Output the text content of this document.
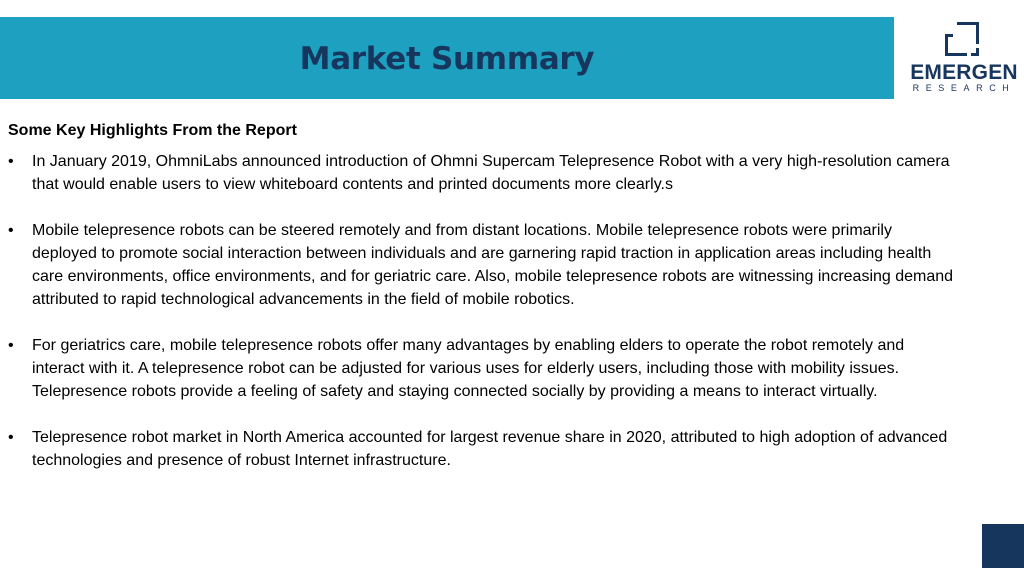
Market Summary	EMERGEN
RESEARCH
Some Key Highlights From the Report
•	In January 2019, OhmniLabs announced introduction of Ohmni Supercam Telepresence Robot with a very high-resolution camera that would enable users to view whiteboard contents and printed documents more clearly.s
•	Mobile telepresence robots can be steered remotely and from distant locations. Mobile telepresence robots were primarily deployed to promote social interaction between individuals and are garnering rapid traction in application areas including health care environments, office environments, and for geriatric care. Also, mobile telepresence robots are witnessing increasing demand attributed to rapid technological advancements in the field of mobile robotics.
•	For geriatrics care, mobile telepresence robots offer many advantages by enabling elders to operate the robot remotely and interact with it. A telepresence robot can be adjusted for various uses for elderly users, including those with mobility issues. Telepresence robots provide a feeling of safety and staying connected socially by providing a means to interact virtually.
•	Telepresence robot market in North America accounted for largest revenue share in 2020, attributed to high adoption of advanced technologies and presence of robust Internet infrastructure.
